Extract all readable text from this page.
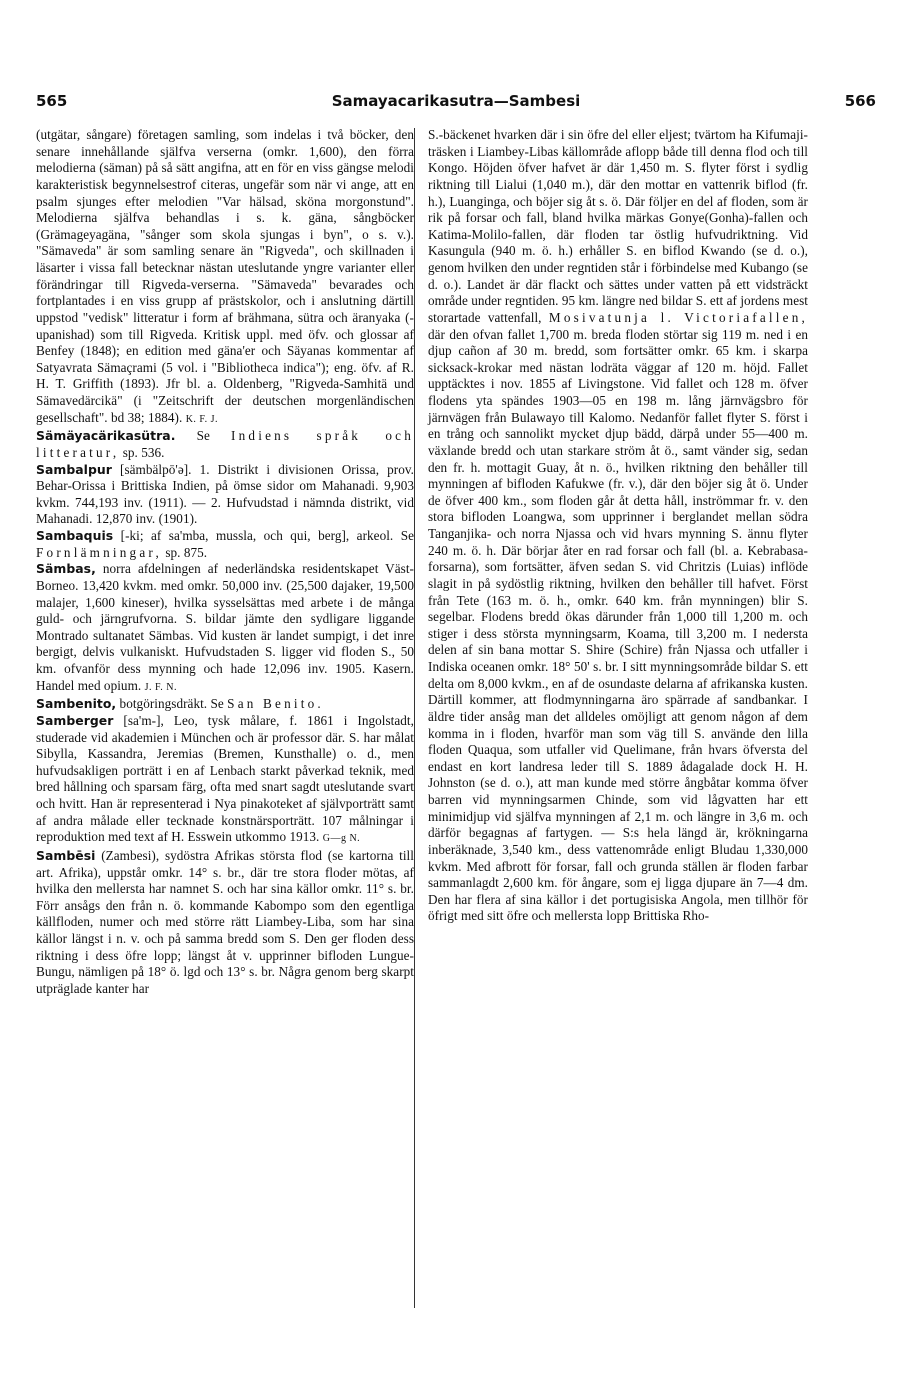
565	Samayacarikasutra—Sambesi	566

(utgätar, sångare) företagen samling, som indelas i två böcker, den senare innehållande själfva verserna (omkr. 1,600), den förra melodierna (säman) på så sätt angifna, att en för en viss gängse melodi karakteristisk begynnelsestrof citeras, ungefär som när vi ange, att en psalm sjunges efter melodien "Var hälsad, sköna morgonstund". Melodierna själfva behandlas i s. k. gäna, sångböcker (Grämageyagäna, "sånger som skola sjungas i byn", o s. v.). "Sämaveda" är som samling senare än "Rigveda", och skillnaden i läsarter i vissa fall betecknar nästan uteslutande yngre varianter eller förändringar till Rigveda-verserna. "Sämaveda" bevarades och fortplantades i en viss grupp af prästskolor, och i anslutning därtill uppstod "vedisk" litteratur i form af brähmana, sütra och äranyaka (-upanishad) som till Rigveda. Kritisk uppl. med öfv. och glossar af Benfey (1848); en edition med gäna'er och Säyanas kommentar af Satyavrata Sämaçrami (5 vol. i "Bibliotheca indica"); eng. öfv. af R. H. T. Griffith (1893). Jfr bl. a. Oldenberg, "Rigveda-Samhitä und Sämavedärcikä" (i "Zeitschrift der deutschen morgenländischen gesellschaft". bd 38; 1884). K. F. J.

Sämäyacärikasütra. Se Indiens språk och litteratur, sp. 536.

Sambalpur [sämbälpō'ə]. 1. Distrikt i divisionen Orissa, prov. Behar-Orissa i Brittiska Indien, på ömse sidor om Mahanadi. 9,903 kvkm. 744,193 inv. (1911). — 2. Hufvudstad i nämnda distrikt, vid Mahanadi. 12,870 inv. (1901).

Sambaquis [-ki; af sa'mba, mussla, och qui, berg], arkeol. Se Fornlämningar, sp. 875.

Sämbas, norra afdelningen af nederländska residentskapet Väst-Borneo. 13,420 kvkm. med omkr. 50,000 inv. (25,500 dajaker, 19,500 malajer, 1,600 kineser), hvilka sysselsättas med arbete i de många guld- och järngrufvorna. S. bildar jämte den sydligare liggande Montrado sultanatet Sämbas. Vid kusten är landet sumpigt, i det inre bergigt, delvis vulkaniskt. Hufvudstaden S. ligger vid floden S., 50 km. ofvanför dess mynning och hade 12,096 inv. 1905. Kasern. Handel med opium. J. F. N.

Sambenito, botgöringsdräkt. Se San Benito.

Samberger [sa'm-], Leo, tysk målare, f. 1861 i Ingolstadt, studerade vid akademien i München och är professor där. S. har målat Sibylla, Kassandra, Jeremias (Bremen, Kunsthalle) o. d., men hufvudsakligen porträtt i en af Lenbach starkt påverkad teknik, med bred hållning och sparsam färg, ofta med snart sagdt uteslutande svart och hvitt. Han är representerad i Nya pinakoteket af självporträtt samt af andra målade eller tecknade konstnärsporträtt. 107 målningar i reproduktion med text af H. Esswein utkommo 1913. G—g N.

Sambēsi (Zambesi), sydöstra Afrikas största flod (se kartorna till art. Afrika), uppstår omkr. 14° s. br., där tre stora floder mötas, af hvilka den mellersta har namnet S. och har sina källor omkr. 11° s. br. Förr ansågs den från n. ö. kommande Kabompo som den egentliga källfloden, numer och med större rätt Liambey-Liba, som har sina källor längst i n. v. och på samma bredd som S. Den ger floden dess riktning i dess öfre lopp; längst åt v. upprinner bifloden Lungue-Bungu, nämligen på 18° ö. lgd och 13° s. br. Några genom berg skarpt utpräglade kanter har

S.-bäckenet hvarken där i sin öfre del eller eljest; tvärtom ha Kifumaji-träsken i Liambey-Libas källområde aflopp både till denna flod och till Kongo. Höjden öfver hafvet är där 1,450 m. S. flyter först i sydlig riktning till Lialui (1,040 m.), där den mottar en vattenrik biflod (fr. h.), Luanginga, och böjer sig åt s. ö. Där följer en del af floden, som är rik på forsar och fall, bland hvilka märkas Gonye(Gonha)-fallen och Katima-Molilo-fallen, där floden tar östlig hufvudriktning. Vid Kasungula (940 m. ö. h.) erhåller S. en biflod Kwando (se d. o.), genom hvilken den under regntiden står i förbindelse med Kubango (se d. o.). Landet är där flackt och sättes under vatten på ett vidsträckt område under regntiden. 95 km. längre ned bildar S. ett af jordens mest storartade vattenfall, Mosivatunja l. Victoriafallen, där den ofvan fallet 1,700 m. breda floden störtar sig 119 m. ned i en djup cañon af 30 m. bredd, som fortsätter omkr. 65 km. i skarpa sicksack-krokar med nästan lodräta väggar af 120 m. höjd. Fallet upptäcktes i nov. 1855 af Livingstone. Vid fallet och 128 m. öfver flodens yta spändes 1903—05 en 198 m. lång järnvägsbro för järnvägen från Bulawayo till Kalomo. Nedanför fallet flyter S. först i en trång och sannolikt mycket djup bädd, därpå under 55—400 m. växlande bredd och utan starkare ström åt ö., samt vänder sig, sedan den fr. h. mottagit Guay, åt n. ö., hvilken riktning den behåller till mynningen af bifloden Kafukwe (fr. v.), där den böjer sig åt ö. Under de öfver 400 km., som floden går åt detta håll, inströmmar fr. v. den stora bifloden Loangwa, som upprinner i berglandet mellan södra Tanganjika- och norra Njassa och vid hvars mynning S. ännu flyter 240 m. ö. h. Där börjar åter en rad forsar och fall (bl. a. Kebrabasa-forsarna), som fortsätter, äfven sedan S. vid Chritzis (Luias) inflöde slagit in på sydöstlig riktning, hvilken den behåller till hafvet. Först från Tete (163 m. ö. h., omkr. 640 km. från mynningen) blir S. segelbar. Flodens bredd ökas därunder från 1,000 till 1,200 m. och stiger i dess största mynningsarm, Koama, till 3,200 m. I nedersta delen af sin bana mottar S. Shire (Schire) från Njassa och utfaller i Indiska oceanen omkr. 18° 50' s. br. I sitt mynningsområde bildar S. ett delta om 8,000 kvkm., en af de osundaste delarna af afrikanska kusten. Därtill kommer, att flodmynningarna äro spärrade af sandbankar. I äldre tider ansåg man det alldeles omöjligt att genom någon af dem komma in i floden, hvarför man som väg till S. använde den lilla floden Quaqua, som utfaller vid Quelimane, från hvars öfversta del endast en kort landresa leder till S. 1889 ådagalade dock H. H. Johnston (se d. o.), att man kunde med större ångbåtar komma öfver barren vid mynningsarmen Chinde, som vid lågvatten har ett minimidjup vid själfva mynningen af 2,1 m. och längre in 3,6 m. och därför begagnas af fartygen. — S:s hela längd är, krökningarna inberäknade, 3,540 km., dess vattenområde enligt Bludau 1,330,000 kvkm. Med afbrott för forsar, fall och grunda ställen är floden farbar sammanlagdt 2,600 km. för ångare, som ej ligga djupare än 7—4 dm. Den har flera af sina källor i det portugisiska Angola, men tillhör för öfrigt med sitt öfre och mellersta lopp Brittiska Rho-
